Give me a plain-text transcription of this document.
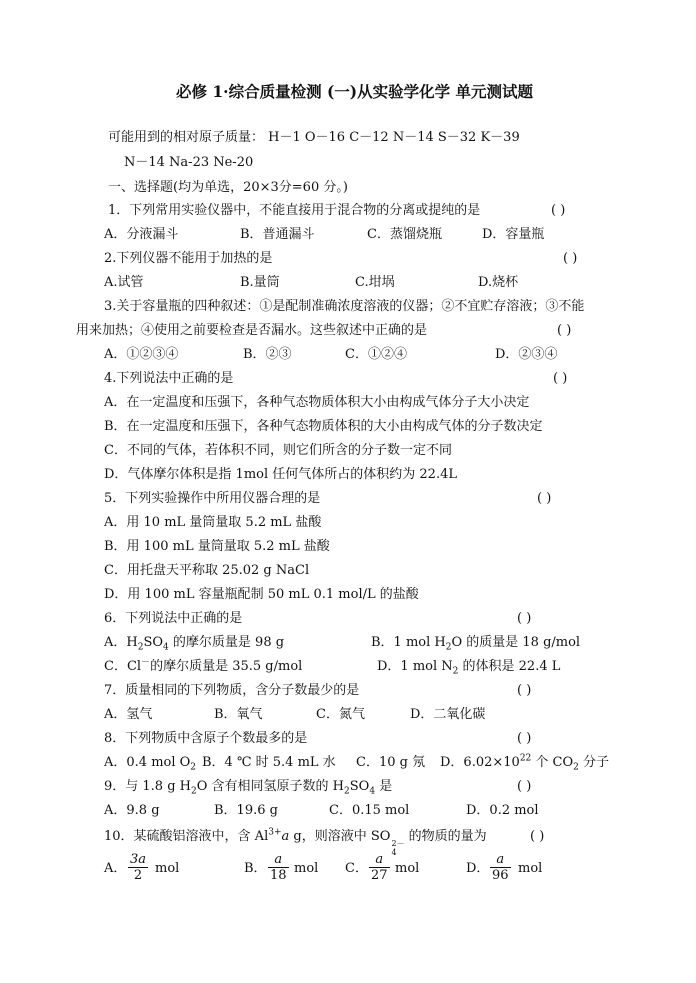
必修 1·综合质量检测 (一)从实验学化学 单元测试题
可能用到的相对原子质量： H－1 O－16 C－12 N－14 S－32 K－39
N－14 Na-23 Ne-20
一、选择题(均为单选，20×3分=60 分。)
1．下列常用实验仪器中，不能直接用于混合物的分离或提纯的是	( )
A．分液漏斗	B．普通漏斗	C．蒸馏烧瓶	D．容量瓶
2.下列仪器不能用于加热的是	( )
A.试管	B.量筒	C.坩埚	D.烧杯
3.关于容量瓶的四种叙述：①是配制准确浓度溶液的仪器；②不宜贮存溶液；③不能
用来加热；④使用之前要检查是否漏水。这些叙述中正确的是	( )
A．①②③④	B．②③	C．①②④	D．②③④
4.下列说法中正确的是	( )
A．在一定温度和压强下，各种气态物质体积大小由构成气体分子大小决定
B．在一定温度和压强下，各种气态物质体积的大小由构成气体的分子数决定
C．不同的气体，若体积不同，则它们所含的分子数一定不同
D．气体摩尔体积是指 1mol 任何气体所占的体积约为 22.4L
5．下列实验操作中所用仪器合理的是	( )
A．用 10 mL 量筒量取 5.2 mL 盐酸
B．用 100 mL 量筒量取 5.2 mL 盐酸
C．用托盘天平称取 25.02 g NaCl
D．用 100 mL 容量瓶配制 50 mL 0.1 mol/L 的盐酸
6．下列说法中正确的是	( )
A．$H_2SO_4$ 的摩尔质量是 98 g	B．1 mol $H_2O$ 的质量是 18 g/mol
C．Cl－的摩尔质量是 35.5 g/mol	D．1 mol $N_2$ 的体积是 22.4 L
7．质量相同的下列物质，含分子数最少的是	( )
A．氢气	B．氧气	C．氮气	D．二氧化碳
8．下列物质中含原子个数最多的是	( )
A．0.4 mol $O_2$ B．4 ℃ 时 5.4 mL 水 C．10 g 氖 D．$6.02\times 10^{22}$ 个 $CO_2$ 分子
9．与 1.8 g $H_2O$ 含有相同氢原子数的 $H_2SO_4$ 是	( )
A．9.8 g	B．19.6 g	C．0.15 mol	D．0.2 mol
10．某硫酸铝溶液中，含 $Al^{3+}a$ g，则溶液中 SO 2－
4
的物质的量为	( )
A．
3a
2 mol	B．
a
18 mol C．
a
27 mol	D．
a
96 mol
